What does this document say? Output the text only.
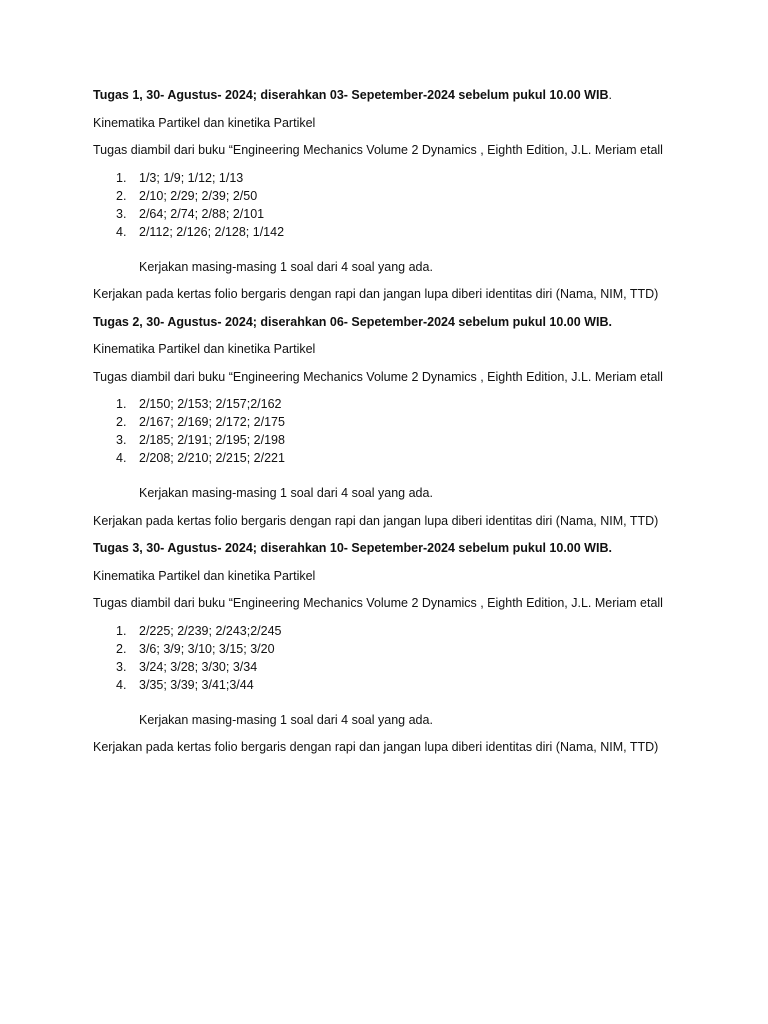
Tugas 1, 30- Agustus- 2024; diserahkan 03- Sepetember-2024 sebelum pukul 10.00 WIB.

Kinematika Partikel dan kinetika Partikel

Tugas diambil dari buku “Engineering Mechanics Volume 2 Dynamics , Eighth Edition, J.L. Meriam etall

1. 1/3; 1/9; 1/12; 1/13
2. 2/10; 2/29; 2/39; 2/50
3. 2/64; 2/74; 2/88; 2/101
4. 2/112; 2/126; 2/128; 1/142

Kerjakan masing-masing 1 soal dari 4 soal yang ada.

Kerjakan pada kertas folio bergaris dengan rapi dan jangan lupa diberi identitas diri (Nama, NIM, TTD)

Tugas 2, 30- Agustus- 2024; diserahkan 06- Sepetember-2024 sebelum pukul 10.00 WIB.

Kinematika Partikel dan kinetika Partikel

Tugas diambil dari buku “Engineering Mechanics Volume 2 Dynamics , Eighth Edition, J.L. Meriam etall

1. 2/150; 2/153; 2/157;2/162
2. 2/167; 2/169; 2/172; 2/175
3. 2/185; 2/191; 2/195; 2/198
4. 2/208; 2/210; 2/215; 2/221

Kerjakan masing-masing 1 soal dari 4 soal yang ada.

Kerjakan pada kertas folio bergaris dengan rapi dan jangan lupa diberi identitas diri (Nama, NIM, TTD)

Tugas 3, 30- Agustus- 2024; diserahkan 10- Sepetember-2024 sebelum pukul 10.00 WIB.

Kinematika Partikel dan kinetika Partikel

Tugas diambil dari buku “Engineering Mechanics Volume 2 Dynamics , Eighth Edition, J.L. Meriam etall

1. 2/225; 2/239; 2/243;2/245
2. 3/6; 3/9; 3/10; 3/15; 3/20
3. 3/24; 3/28; 3/30; 3/34
4. 3/35; 3/39; 3/41;3/44

Kerjakan masing-masing 1 soal dari 4 soal yang ada.

Kerjakan pada kertas folio bergaris dengan rapi dan jangan lupa diberi identitas diri (Nama, NIM, TTD)
